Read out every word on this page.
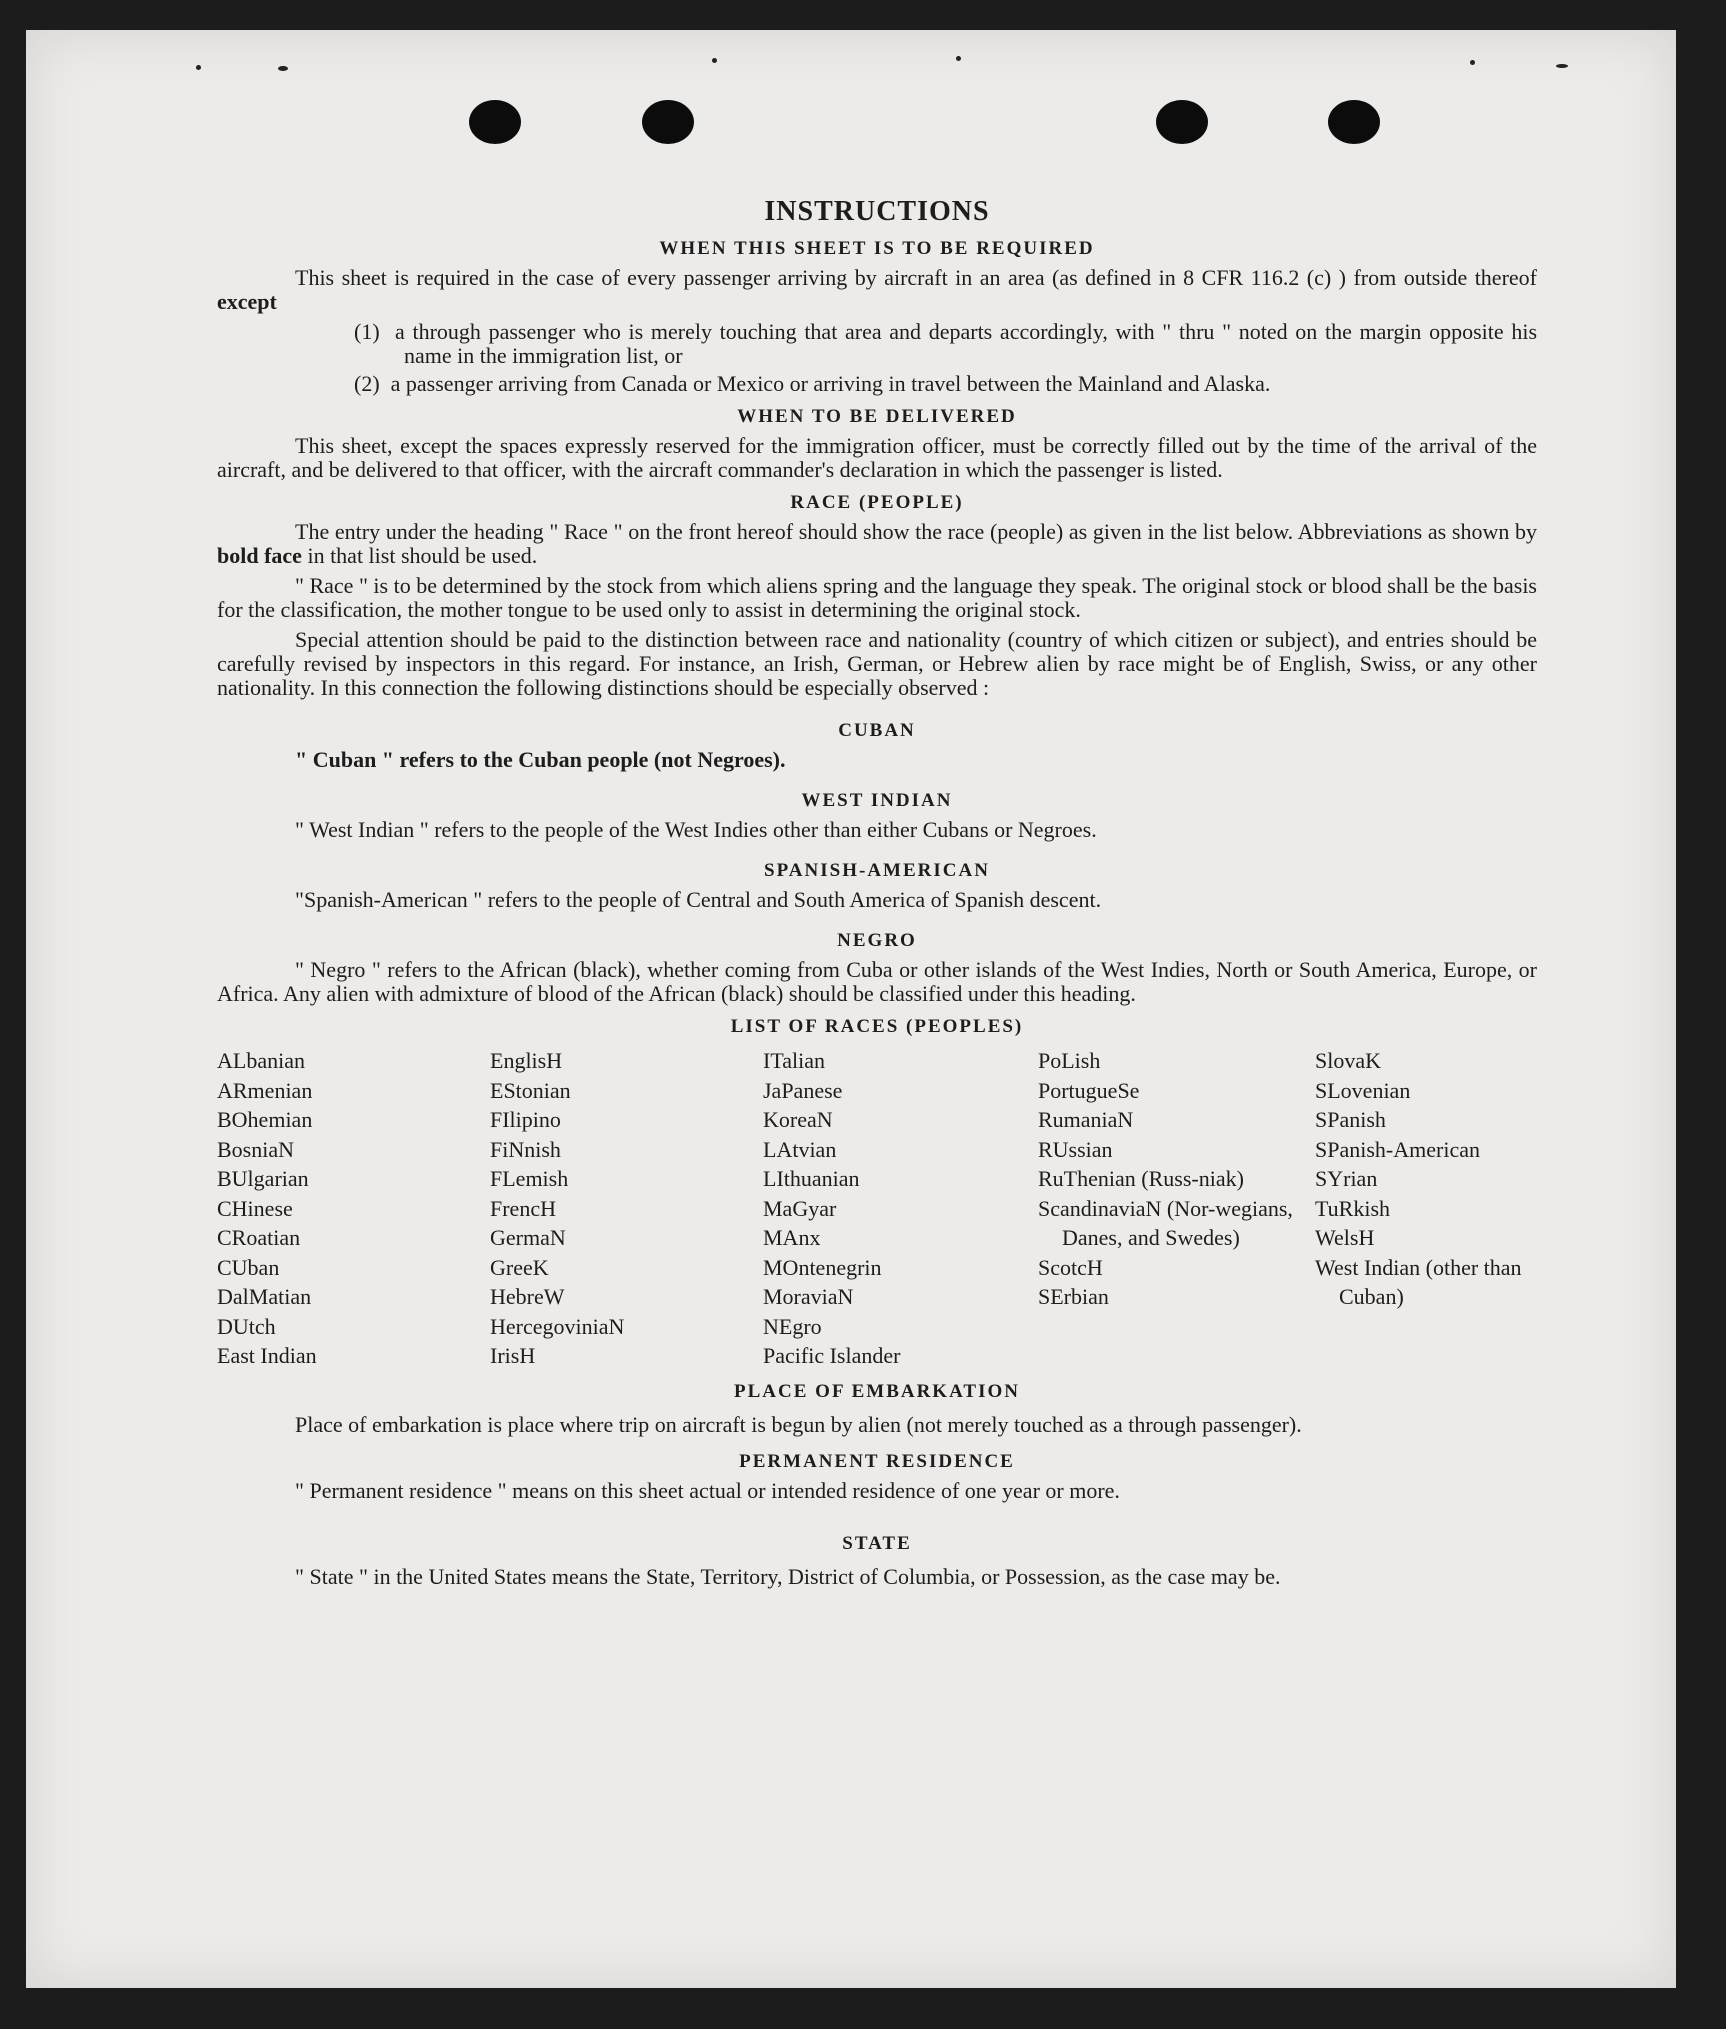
INSTRUCTIONS
WHEN THIS SHEET IS TO BE REQUIRED
This sheet is required in the case of every passenger arriving by aircraft in an area (as defined in 8 CFR 116.2 (c) ) from outside thereof except
(1) a through passenger who is merely touching that area and departs accordingly, with " thru " noted on the margin opposite his name in the immigration list, or
(2) a passenger arriving from Canada or Mexico or arriving in travel between the Mainland and Alaska.
WHEN TO BE DELIVERED
This sheet, except the spaces expressly reserved for the immigration officer, must be correctly filled out by the time of the arrival of the aircraft, and be delivered to that officer, with the aircraft commander's declaration in which the passenger is listed.
RACE (PEOPLE)
The entry under the heading " Race " on the front hereof should show the race (people) as given in the list below. Abbreviations as shown by bold face in that list should be used.
" Race " is to be determined by the stock from which aliens spring and the language they speak. The original stock or blood shall be the basis for the classification, the mother tongue to be used only to assist in determining the original stock.
Special attention should be paid to the distinction between race and nationality (country of which citizen or subject), and entries should be carefully revised by inspectors in this regard. For instance, an Irish, German, or Hebrew alien by race might be of English, Swiss, or any other nationality. In this connection the following distinctions should be especially observed :
CUBAN
" Cuban " refers to the Cuban people (not Negroes).
WEST INDIAN
" West Indian " refers to the people of the West Indies other than either Cubans or Negroes.
SPANISH-AMERICAN
"Spanish-American " refers to the people of Central and South America of Spanish descent.
NEGRO
" Negro " refers to the African (black), whether coming from Cuba or other islands of the West Indies, North or South America, Europe, or Africa. Any alien with admixture of blood of the African (black) should be classified under this heading.
LIST OF RACES (PEOPLES)
ALbanian
ARmenian
BOhemian
BosniaN
BUlgarian
CHinese
CRoatian
CUban
DalMatian
DUtch
East Indian
EnglisH
EStonian
FIlipino
FiNnish
FLemish
FrencH
GermaN
GreeK
HebreW
HercegoviniaN
IrisH
ITalian
JaPanese
KoreaN
LAtvian
LIthuanian
MaGyar
MAnx
MOntenegrin
MoraviaN
NEgro
Pacific Islander
PoLish
PortugueSe
RumaniaN
RUssian
RuThenian (Russ-niak)
ScandinaviaN (Nor-wegians, Danes, and Swedes)
ScotcH
SErbian
SlovaK
SLovenian
SPanish
SPanish-American
SYrian
TuRkish
WelsH
West Indian (other than Cuban)
PLACE OF EMBARKATION
Place of embarkation is place where trip on aircraft is begun by alien (not merely touched as a through passenger).
PERMANENT RESIDENCE
" Permanent residence " means on this sheet actual or intended residence of one year or more.
STATE
" State " in the United States means the State, Territory, District of Columbia, or Possession, as the case may be.
